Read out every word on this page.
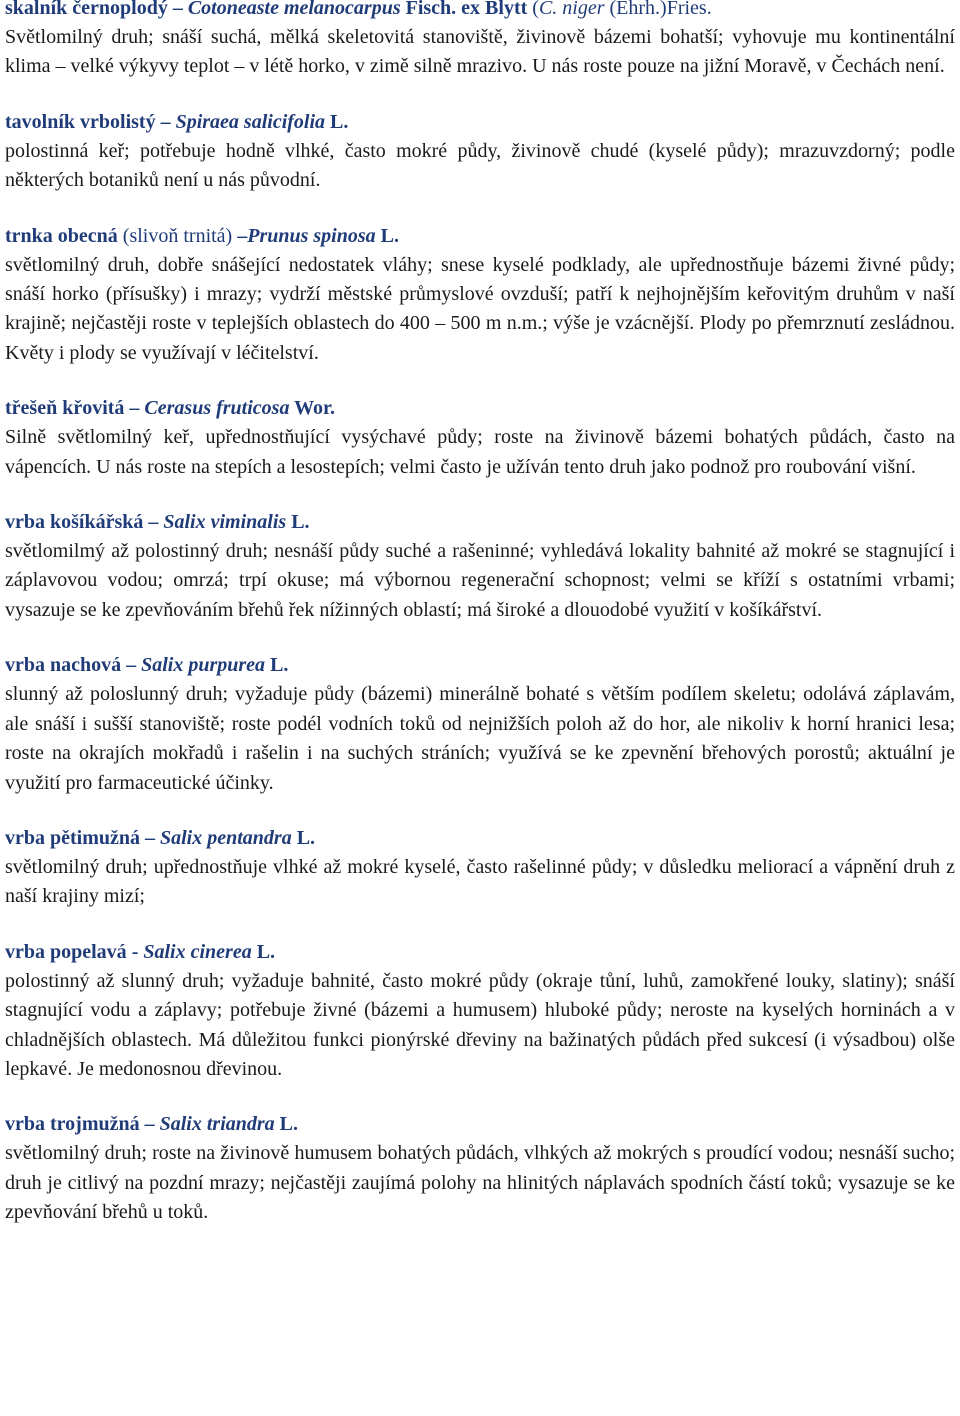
skalník černoplodý – Cotoneaste melanocarpus Fisch. ex Blytt (C. niger (Ehrh.)Fries.

Světlomilný druh; snáší suchá, mělká skeletovitá stanoviště, živinově bázemi bohatší; vyhovuje mu kontinentální klima – velké výkyvy teplot – v létě horko, v zimě silně mrazivo. U nás roste pouze na jižní Moravě, v Čechách není.

tavolník vrbolistý – Spiraea salicifolia L.

polostinná keř; potřebuje hodně vlhké, často mokré půdy, živinově chudé (kyselé půdy); mrazuvzdorný; podle některých botaniků není u nás původní.

trnka obecná (slivoň trnitá) –Prunus spinosa L.

světlomilný druh, dobře snášející nedostatek vláhy; snese kyselé podklady, ale upřednostňuje bázemi živné půdy; snáší horko (přísušky) i mrazy; vydrží městské průmyslové ovzduší; patří k nejhojnějším keřovitým druhům v naší krajině; nejčastěji roste v teplejších oblastech do 400 – 500 m n.m.; výše je vzácnější. Plody po přemrznutí zesládnou. Květy i plody se využívají v léčitelství.

třešeň křovitá – Cerasus fruticosa Wor.

Silně světlomilný keř, upřednostňující vysýchavé půdy; roste na živinově bázemi bohatých půdách, často na vápencích. U nás roste na stepích a lesostepích; velmi často je užíván tento druh jako podnož pro roubování višní.

vrba košíkářská – Salix viminalis L.

světlomilmý až polostinný druh; nesnáší půdy suché a rašeninné; vyhledává lokality bahnité až mokré se stagnující i záplavovou vodou; omrzá; trpí okuse; má výbornou regenerační schopnost; velmi se kříží s ostatními vrbami; vysazuje se ke zpevňováním břehů řek nížinných oblastí; má široké a dlouodobé využití v košíkářství.

vrba nachová – Salix purpurea L.

slunný až poloslunný druh; vyžaduje půdy (bázemi) minerálně bohaté s větším podílem skeletu; odolává záplavám, ale snáší i sušší stanoviště; roste podél vodních toků od nejnižších poloh až do hor, ale nikoliv k horní hranici lesa; roste na okrajích mokřadů i rašelin i na suchých stráních; využívá se ke zpevnění břehových porostů; aktuální je využití pro farmaceutické účinky.

vrba pětimužná – Salix pentandra L.

světlomilný druh; upřednostňuje vlhké až mokré kyselé, často rašelinné půdy; v důsledku meliorací a vápnění druh z naší krajiny mizí;

vrba popelavá - Salix cinerea L.

polostinný až slunný druh; vyžaduje bahnité, často mokré půdy (okraje tůní, luhů, zamokřené louky, slatiny); snáší stagnující vodu a záplavy; potřebuje živné (bázemi a humusem) hluboké půdy; neroste na kyselých horninách a v chladnějších oblastech. Má důležitou funkci pionýrské dřeviny na bažinatých půdách před sukcesí (i výsadbou) olše lepkavé. Je medonosnou dřevinou.

vrba trojmužná – Salix triandra L.

světlomilný druh; roste na živinově humusem bohatých půdách, vlhkých až mokrých s proudící vodou; nesnáší sucho; druh je citlivý na pozdní mrazy; nejčastěji zaujímá polohy na hlinitých náplavách spodních částí toků; vysazuje se ke zpevňování břehů u toků.
